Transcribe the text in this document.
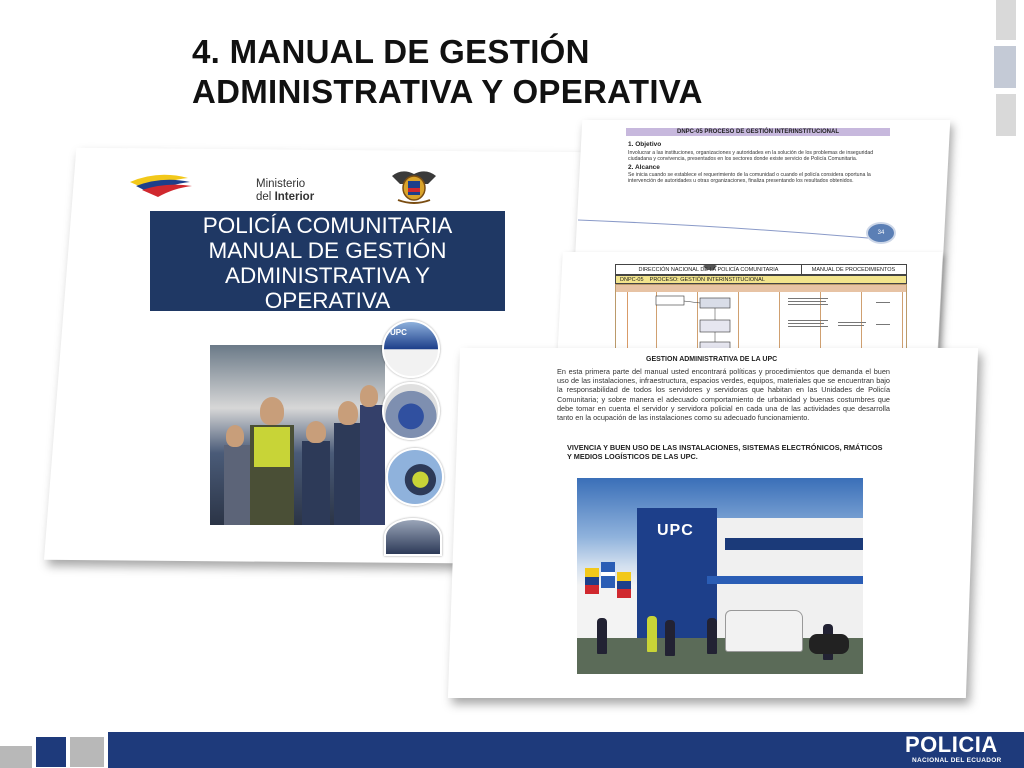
4. MANUAL DE GESTIÓN
ADMINISTRATIVA Y OPERATIVA
Ministerio
del Interior
POLICÍA COMUNITARIA
MANUAL DE GESTIÓN
ADMINISTRATIVA Y
OPERATIVA
UPC
DNPC-05 PROCESO DE GESTIÓN INTERINSTITUCIONAL
1. Objetivo
Involucrar a las instituciones, organizaciones y autoridades en la solución de los problemas de inseguridad ciudadana y convivencia, presentados en los sectores donde existe servicio de Policía Comunitaria.
2. Alcance
Se inicia cuando se establece el requerimiento de la comunidad o cuando el policía considera oportuna la intervención de autoridades u otras organizaciones, finaliza presentando los resultados obtenidos.
34
DIRECCIÓN NACIONAL DE LA POLICÍA COMUNITARIA	MANUAL DE PROCEDIMIENTOS
DNPC-05 PROCESO: GESTIÓN INTERINSTITUCIONAL
GESTION ADMINISTRATIVA DE LA UPC
En esta primera parte del manual usted encontrará políticas y procedimientos que demanda el buen uso de las instalaciones, infraestructura, espacios verdes, equipos, materiales que se encuentran bajo la responsabilidad de todos los servidores y servidoras que habitan en las Unidades de Policía Comunitaria; y sobre manera el adecuado comportamiento de urbanidad y buenas costumbres que debe tomar en cuenta el servidor y servidora policial en cada una de las actividades que desarrolla tanto en la ocupación de las instalaciones como su adecuado funcionamiento.
VIVENCIA Y BUEN USO DE LAS INSTALACIONES, SISTEMAS ELECTRÓNICOS, RMÁTICOS Y MEDIOS LOGÍSTICOS DE LAS UPC.
UPC
POLICIA
NACIONAL DEL ECUADOR
